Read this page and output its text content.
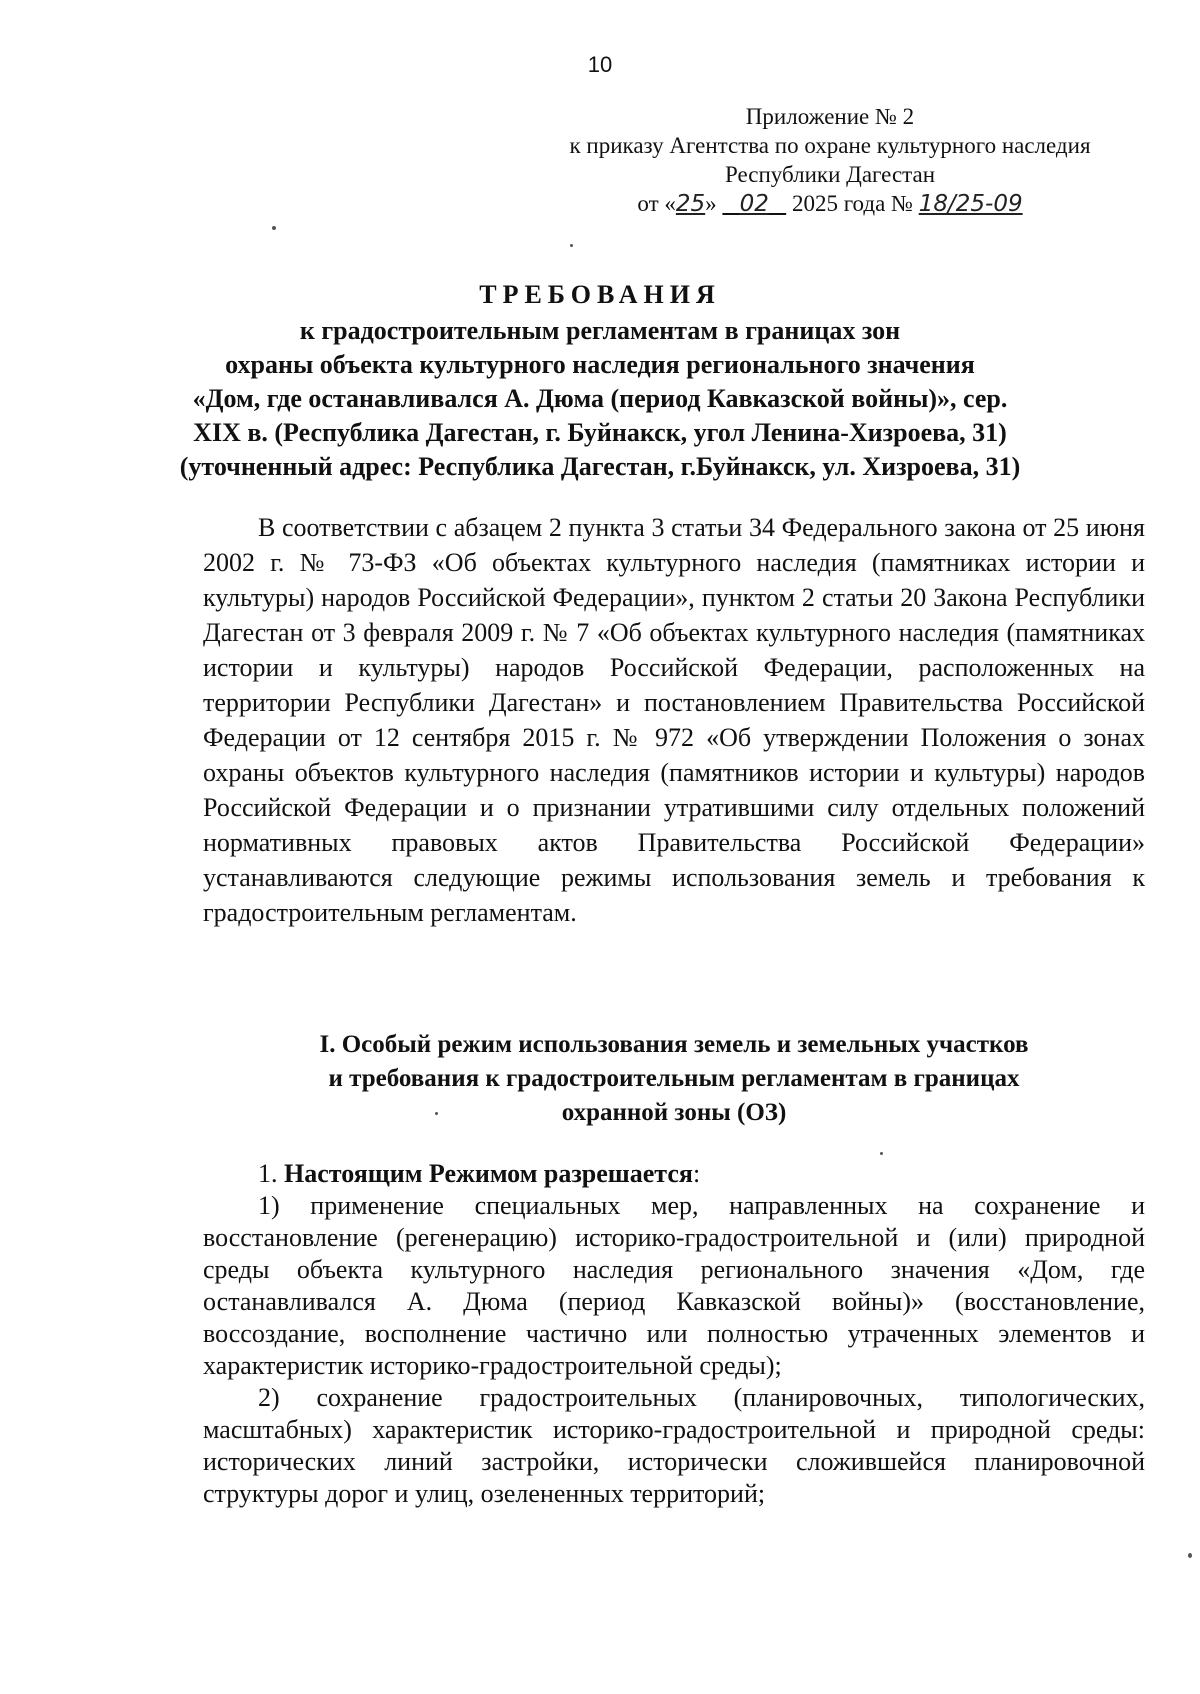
10
Приложение № 2
к приказу Агентства по охране культурного наследия
Республики Дагестан
от «25»    02 2025 года № 18/25-09
ТРЕБОВАНИЯ
к градостроительным регламентам в границах зон
охраны объекта культурного наследия регионального значения
«Дом, где останавливался А. Дюма (период Кавказской войны)», сер.
XIX в. (Республика Дагестан, г. Буйнакск, угол Ленина-Хизроева, 31)
(уточненный адрес: Республика Дагестан, г.Буйнакск, ул. Хизроева, 31)
В соответствии с абзацем 2 пункта 3 статьи 34 Федерального закона от 25 июня 2002 г. № 73-ФЗ «Об объектах культурного наследия (памятниках истории и культуры) народов Российской Федерации», пунктом 2 статьи 20 Закона Республики Дагестан от 3 февраля 2009 г. № 7 «Об объектах культурного наследия (памятниках истории и культуры) народов Российской Федерации, расположенных на территории Республики Дагестан» и постановлением Правительства Российской Федерации от 12 сентября 2015 г. № 972 «Об утверждении Положения о зонах охраны объектов культурного наследия (памятников истории и культуры) народов Российской Федерации и о признании утратившими силу отдельных положений нормативных правовых актов Правительства Российской Федерации» устанавливаются следующие режимы использования земель и требования к градостроительным регламентам.
I. Особый режим использования земель и земельных участков
и требования к градостроительным регламентам в границах
охранной зоны (ОЗ)
1. Настоящим Режимом разрешается:

1) применение специальных мер, направленных на сохранение и восстановление (регенерацию) историко-градостроительной и (или) природной среды объекта культурного наследия регионального значения «Дом, где останавливался А. Дюма (период Кавказской войны)» (восстановление, воссоздание, восполнение частично или полностью утраченных элементов и характеристик историко-градостроительной среды);

2) сохранение градостроительных (планировочных, типологических, масштабных) характеристик историко-градостроительной и природной среды: исторических линий застройки, исторически сложившейся планировочной структуры дорог и улиц, озелененных территорий;
